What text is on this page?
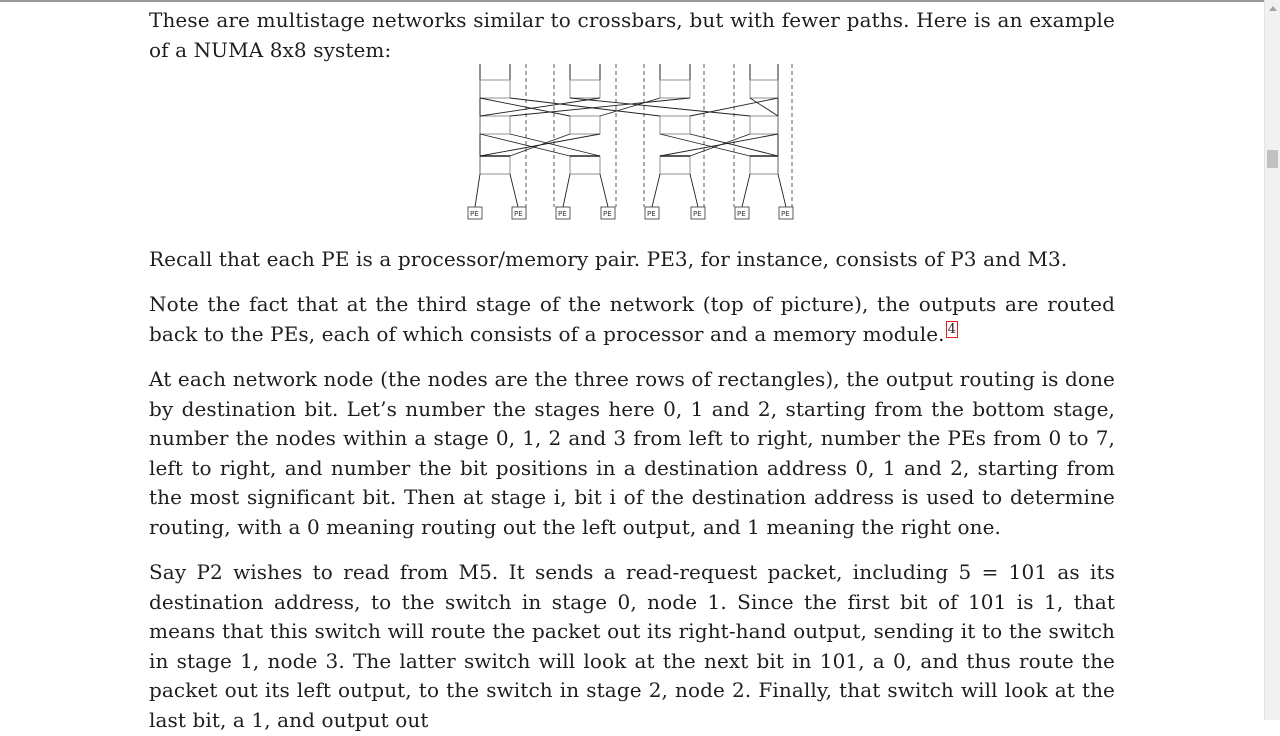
These are multistage networks similar to crossbars, but with fewer paths. Here is an example of a NUMA 8x8 system:

PE	PE	PE	PE	PE	PE	PE	PE

Recall that each PE is a processor/memory pair. PE3, for instance, consists of P3 and M3.

Note the fact that at the third stage of the network (top of picture), the outputs are routed back to the PEs, each of which consists of a processor and a memory module. 4

At each network node (the nodes are the three rows of rectangles), the output routing is done by destination bit. Let’s number the stages here 0, 1 and 2, starting from the bottom stage, number the nodes within a stage 0, 1, 2 and 3 from left to right, number the PEs from 0 to 7, left to right, and number the bit positions in a destination address 0, 1 and 2, starting from the most significant bit. Then at stage i, bit i of the destination address is used to determine routing, with a 0 meaning routing out the left output, and 1 meaning the right one.

Say P2 wishes to read from M5. It sends a read-request packet, including 5 = 101 as its destination address, to the switch in stage 0, node 1. Since the first bit of 101 is 1, that means that this switch will route the packet out its right-hand output, sending it to the switch in stage 1, node 3. The latter switch will look at the next bit in 101, a 0, and thus route the packet out its left output, to the switch in stage 2, node 2. Finally, that switch will look at the last bit, a 1, and output out
